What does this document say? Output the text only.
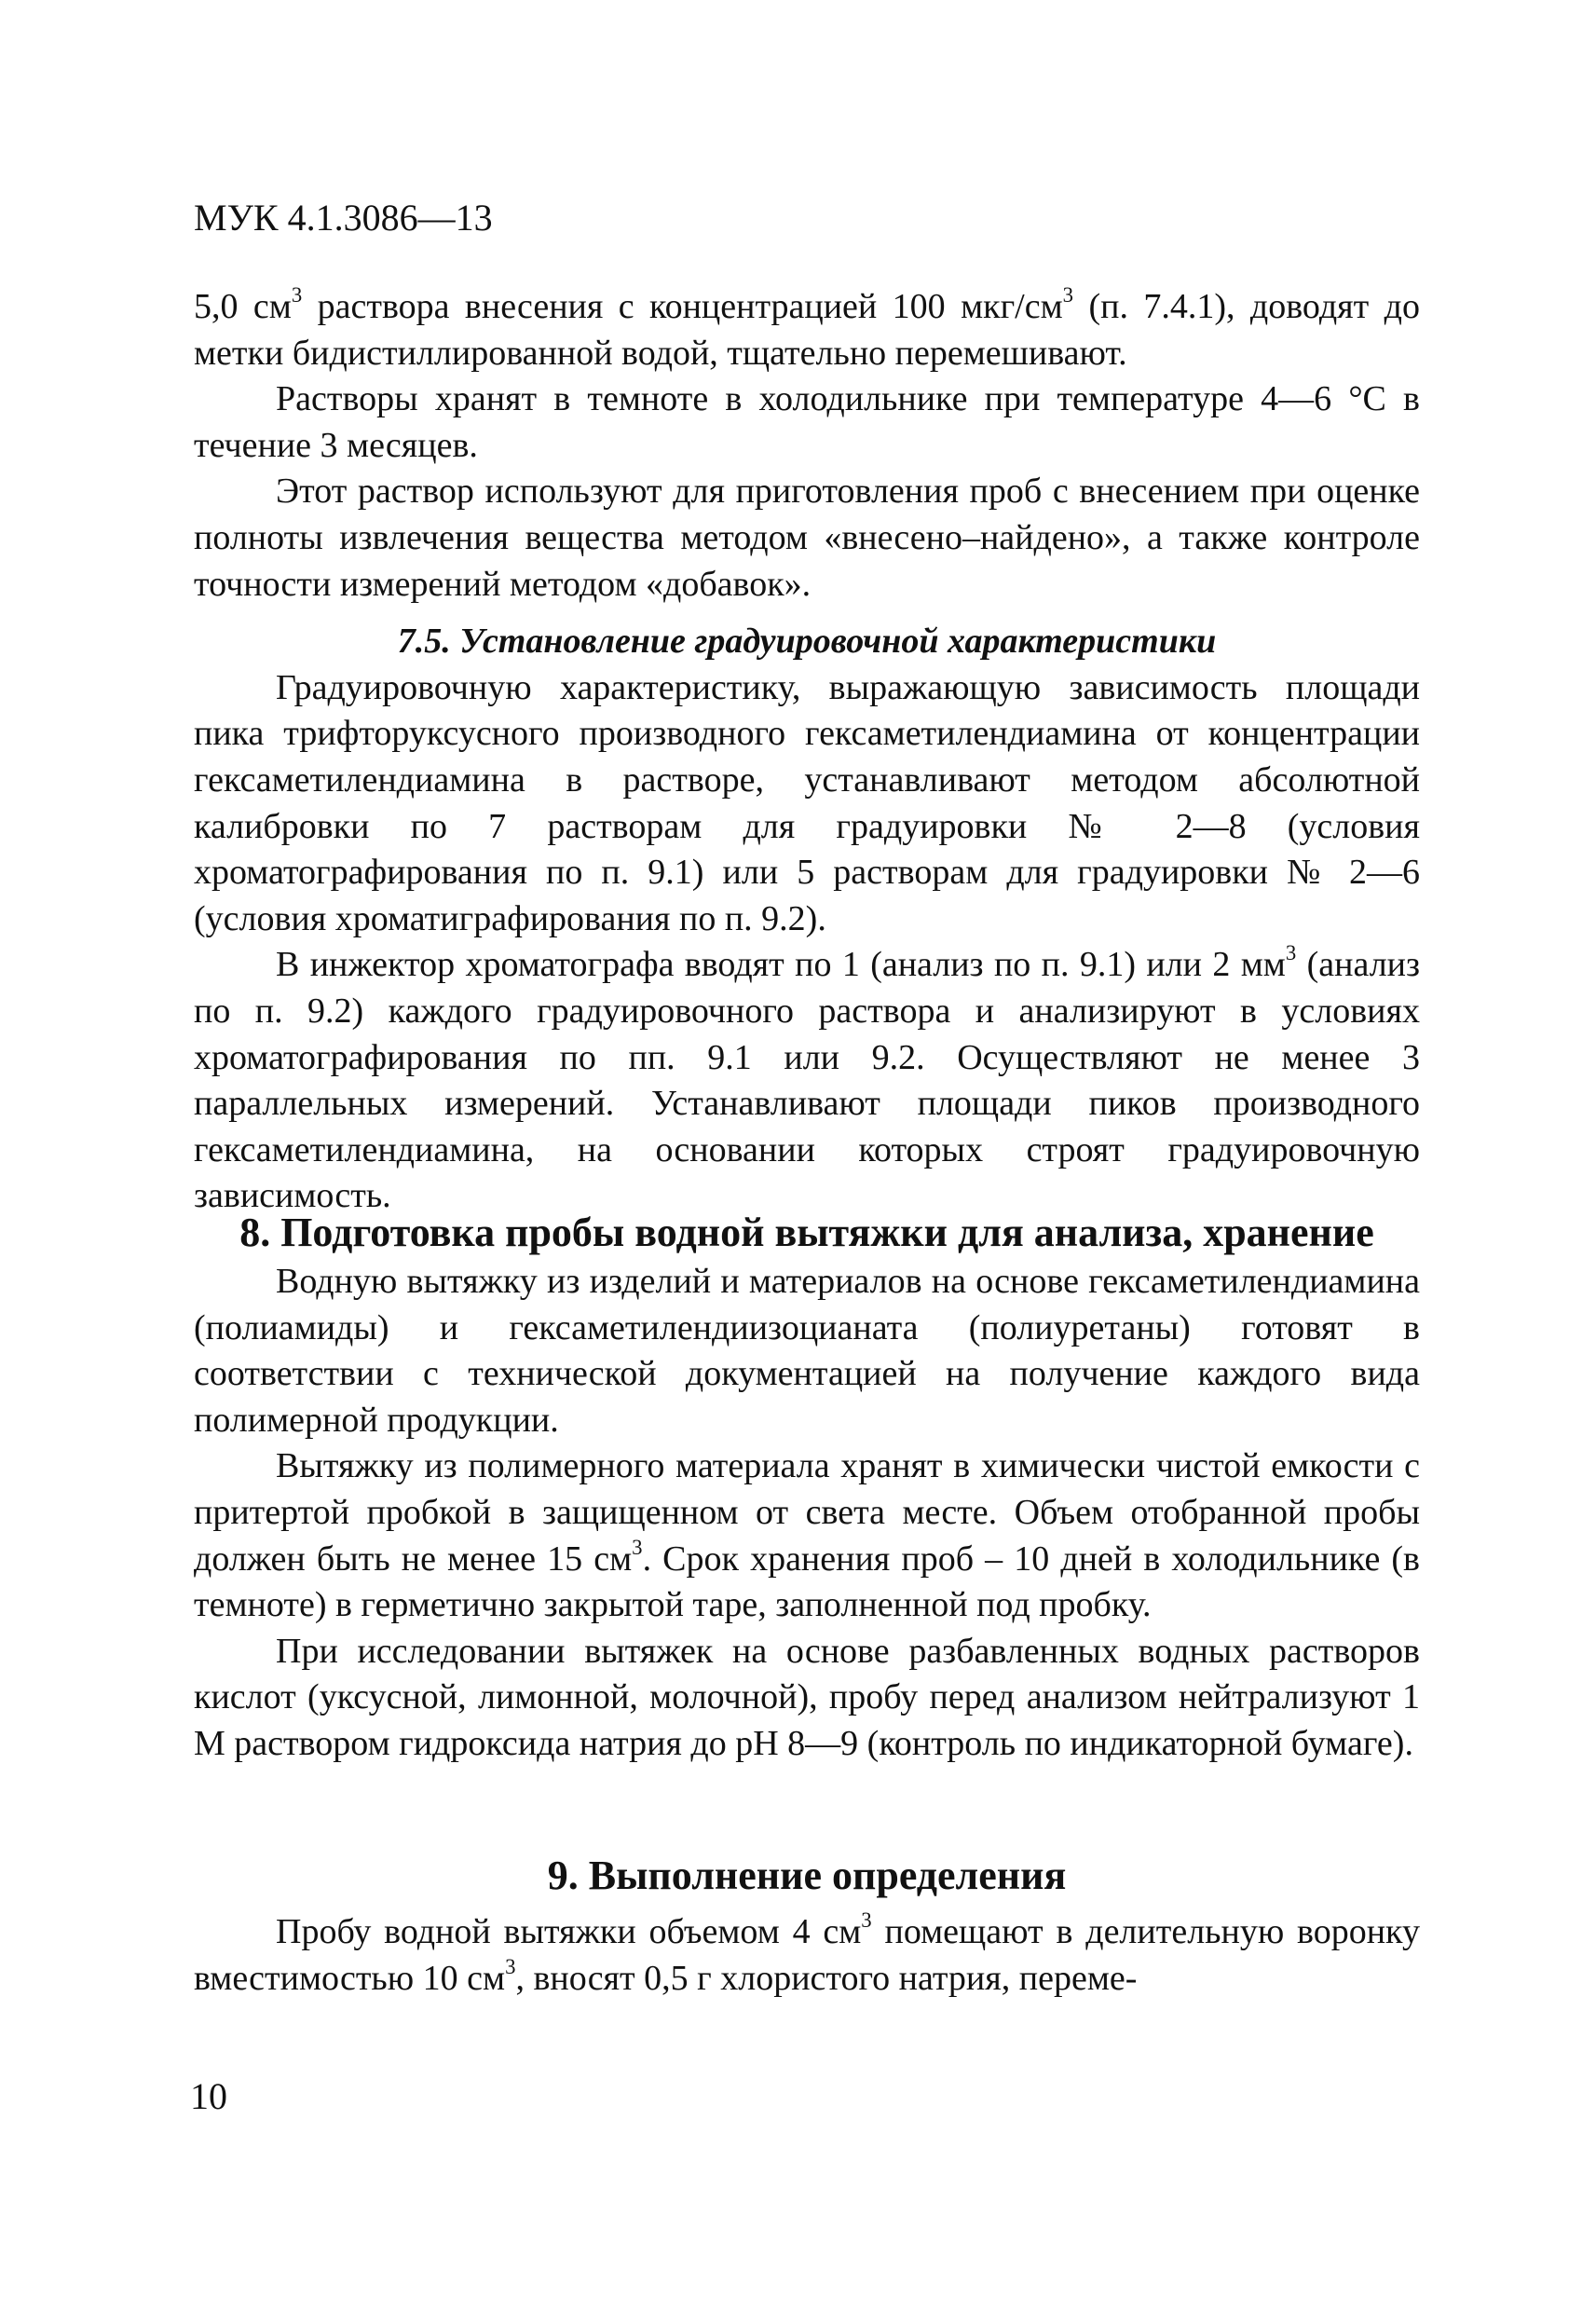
МУК 4.1.3086—13

5,0 $см^3$ раствора внесения с концентрацией 100 мкг/$см^3$ (п. 7.4.1), доводят до метки бидистиллированной водой, тщательно перемешивают.

Растворы хранят в темноте в холодильнике при температуре 4—6 °С в течение 3 месяцев.

Этот раствор используют для приготовления проб с внесением при оценке полноты извлечения вещества методом «внесено–найдено», а также контроле точности измерений методом «добавок».

7.5. Установление градуировочной характеристики

Градуировочную характеристику, выражающую зависимость площади пика трифторуксусного производного гексаметилендиамина от концентрации гексаметилендиамина в растворе, устанавливают методом абсолютной калибровки по 7 растворам для градуировки № 2—8 (условия хроматографирования по п. 9.1) или 5 растворам для градуировки № 2—6 (условия хроматиграфирования по п. 9.2).

В инжектор хроматографа вводят по 1 (анализ по п. 9.1) или 2 $мм^3$ (анализ по п. 9.2) каждого градуировочного раствора и анализируют в условиях хроматографирования по пп. 9.1 или 9.2. Осуществляют не менее 3 параллельных измерений. Устанавливают площади пиков производного гексаметилендиамина, на основании которых строят градуировочную зависимость.

8. Подготовка пробы водной вытяжки для анализа, хранение

Водную вытяжку из изделий и материалов на основе гексаметилендиамина (полиамиды) и гексаметилендиизоцианата (полиуретаны) готовят в соответствии с технической документацией на получение каждого вида полимерной продукции.

Вытяжку из полимерного материала хранят в химически чистой емкости с притертой пробкой в защищенном от света месте. Объем отобранной пробы должен быть не менее 15 $см^3$. Срок хранения проб – 10 дней в холодильнике (в темноте) в герметично закрытой таре, заполненной под пробку.

При исследовании вытяжек на основе разбавленных водных растворов кислот (уксусной, лимонной, молочной), пробу перед анализом нейтрализуют 1 М раствором гидроксида натрия до рН 8—9 (контроль по индикаторной бумаге).

9. Выполнение определения

Пробу водной вытяжки объемом 4 $см^3$ помещают в делительную воронку вместимостью 10 $см^3$, вносят 0,5 г хлористого натрия, переме-

10
